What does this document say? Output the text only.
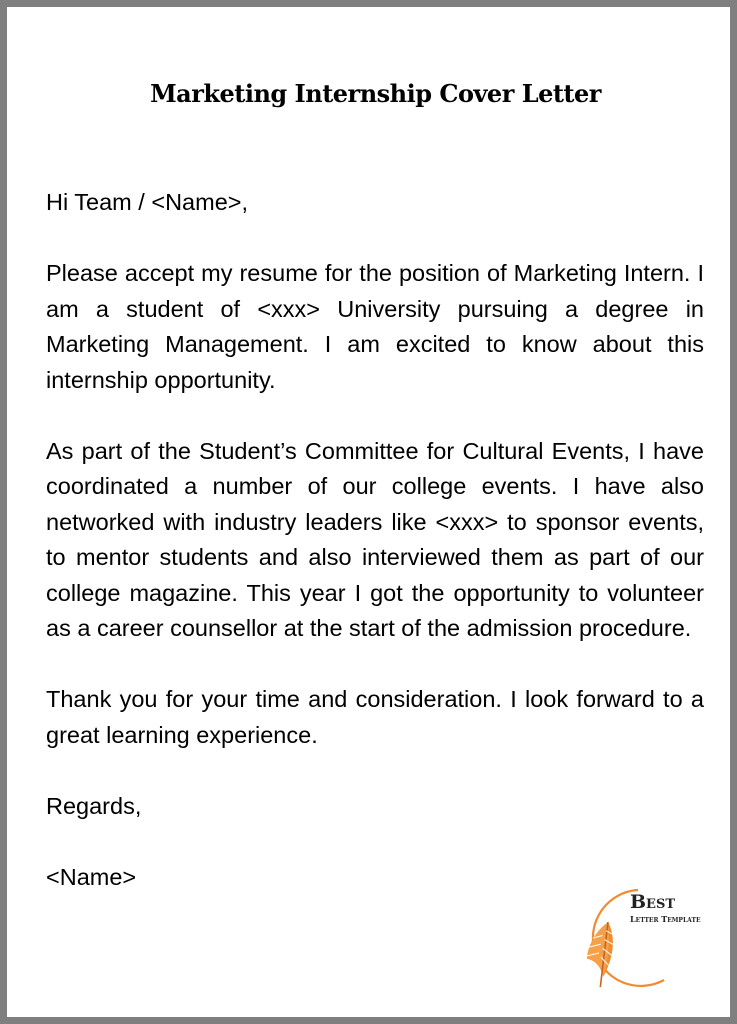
Marketing Internship Cover Letter

Hi Team / <Name>,

Please accept my resume for the position of Marketing Intern. I am a student of <xxx> University pursuing a degree in Marketing Management. I am excited to know about this internship opportunity.

As part of the Student’s Committee for Cultural Events, I have coordinated a number of our college events. I have also networked with industry leaders like <xxx> to sponsor events, to mentor students and also interviewed them as part of our college magazine. This year I got the opportunity to volunteer as a career counsellor at the start of the admission procedure.

Thank you for your time and consideration. I look forward to a great learning experience.

Regards,

<Name>

Best
Letter Template
